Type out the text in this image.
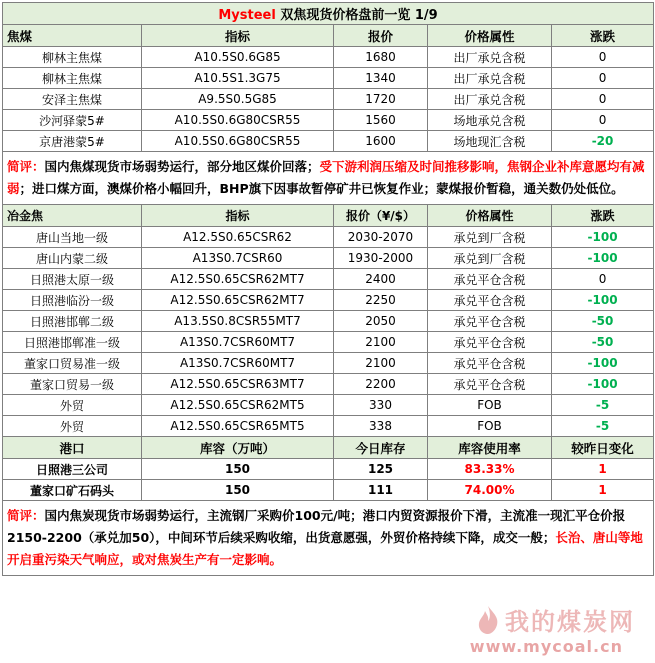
Mysteel 双焦现货价格盘前一览 1/9				
焦煤	指标	报价	价格属性	涨跌
柳林主焦煤	A10.5S0.6G85	1680	出厂承兑含税	0
柳林主焦煤	A10.5S1.3G75	1340	出厂承兑含税	0
安泽主焦煤	A9.5S0.5G85	1720	出厂承兑含税	0
沙河驿蒙5#	A10.5S0.6G80CSR55	1560	场地承兑含税	0
京唐港蒙5#	A10.5S0.6G80CSR55	1600	场地现汇含税	-20
简评：国内焦煤现货市场弱势运行，部分地区煤价回落；受下游利润压缩及时间推移影响，焦钢企业补库意愿均有减弱；进口煤方面，澳煤价格小幅回升，BHP旗下因事故暂停矿井已恢复作业；蒙煤报价暂稳，通关数仍处低位。				
冶金焦	指标	报价（¥/$）	价格属性	涨跌
唐山当地一级	A12.5S0.65CSR62	2030-2070	承兑到厂含税	-100
唐山内蒙二级	A13S0.7CSR60	1930-2000	承兑到厂含税	-100
日照港太原一级	A12.5S0.65CSR62MT7	2400	承兑平仓含税	0
日照港临汾一级	A12.5S0.65CSR62MT7	2250	承兑平仓含税	-100
日照港邯郸二级	A13.5S0.8CSR55MT7	2050	承兑平仓含税	-50
日照港邯郸准一级	A13S0.7CSR60MT7	2100	承兑平仓含税	-50
董家口贸易准一级	A13S0.7CSR60MT7	2100	承兑平仓含税	-100
董家口贸易一级	A12.5S0.65CSR63MT7	2200	承兑平仓含税	-100
外贸	A12.5S0.65CSR62MT5	330	FOB	-5
外贸	A12.5S0.65CSR65MT5	338	FOB	-5
港口	库容（万吨）	今日库存	库容使用率	较昨日变化
日照港三公司	150	125	83.33%	1
董家口矿石码头	150	111	74.00%	1
简评：国内焦炭现货市场弱势运行，主流钢厂采购价100元/吨；港口内贸资源报价下滑，主流准一现汇平仓价报2150-2200（承兑加50），中间环节后续采购收缩，出货意愿强，外贸价格持续下降，成交一般；长治、唐山等地开启重污染天气响应，或对焦炭生产有一定影响。				
我的煤炭网
www.mycoal.cn
